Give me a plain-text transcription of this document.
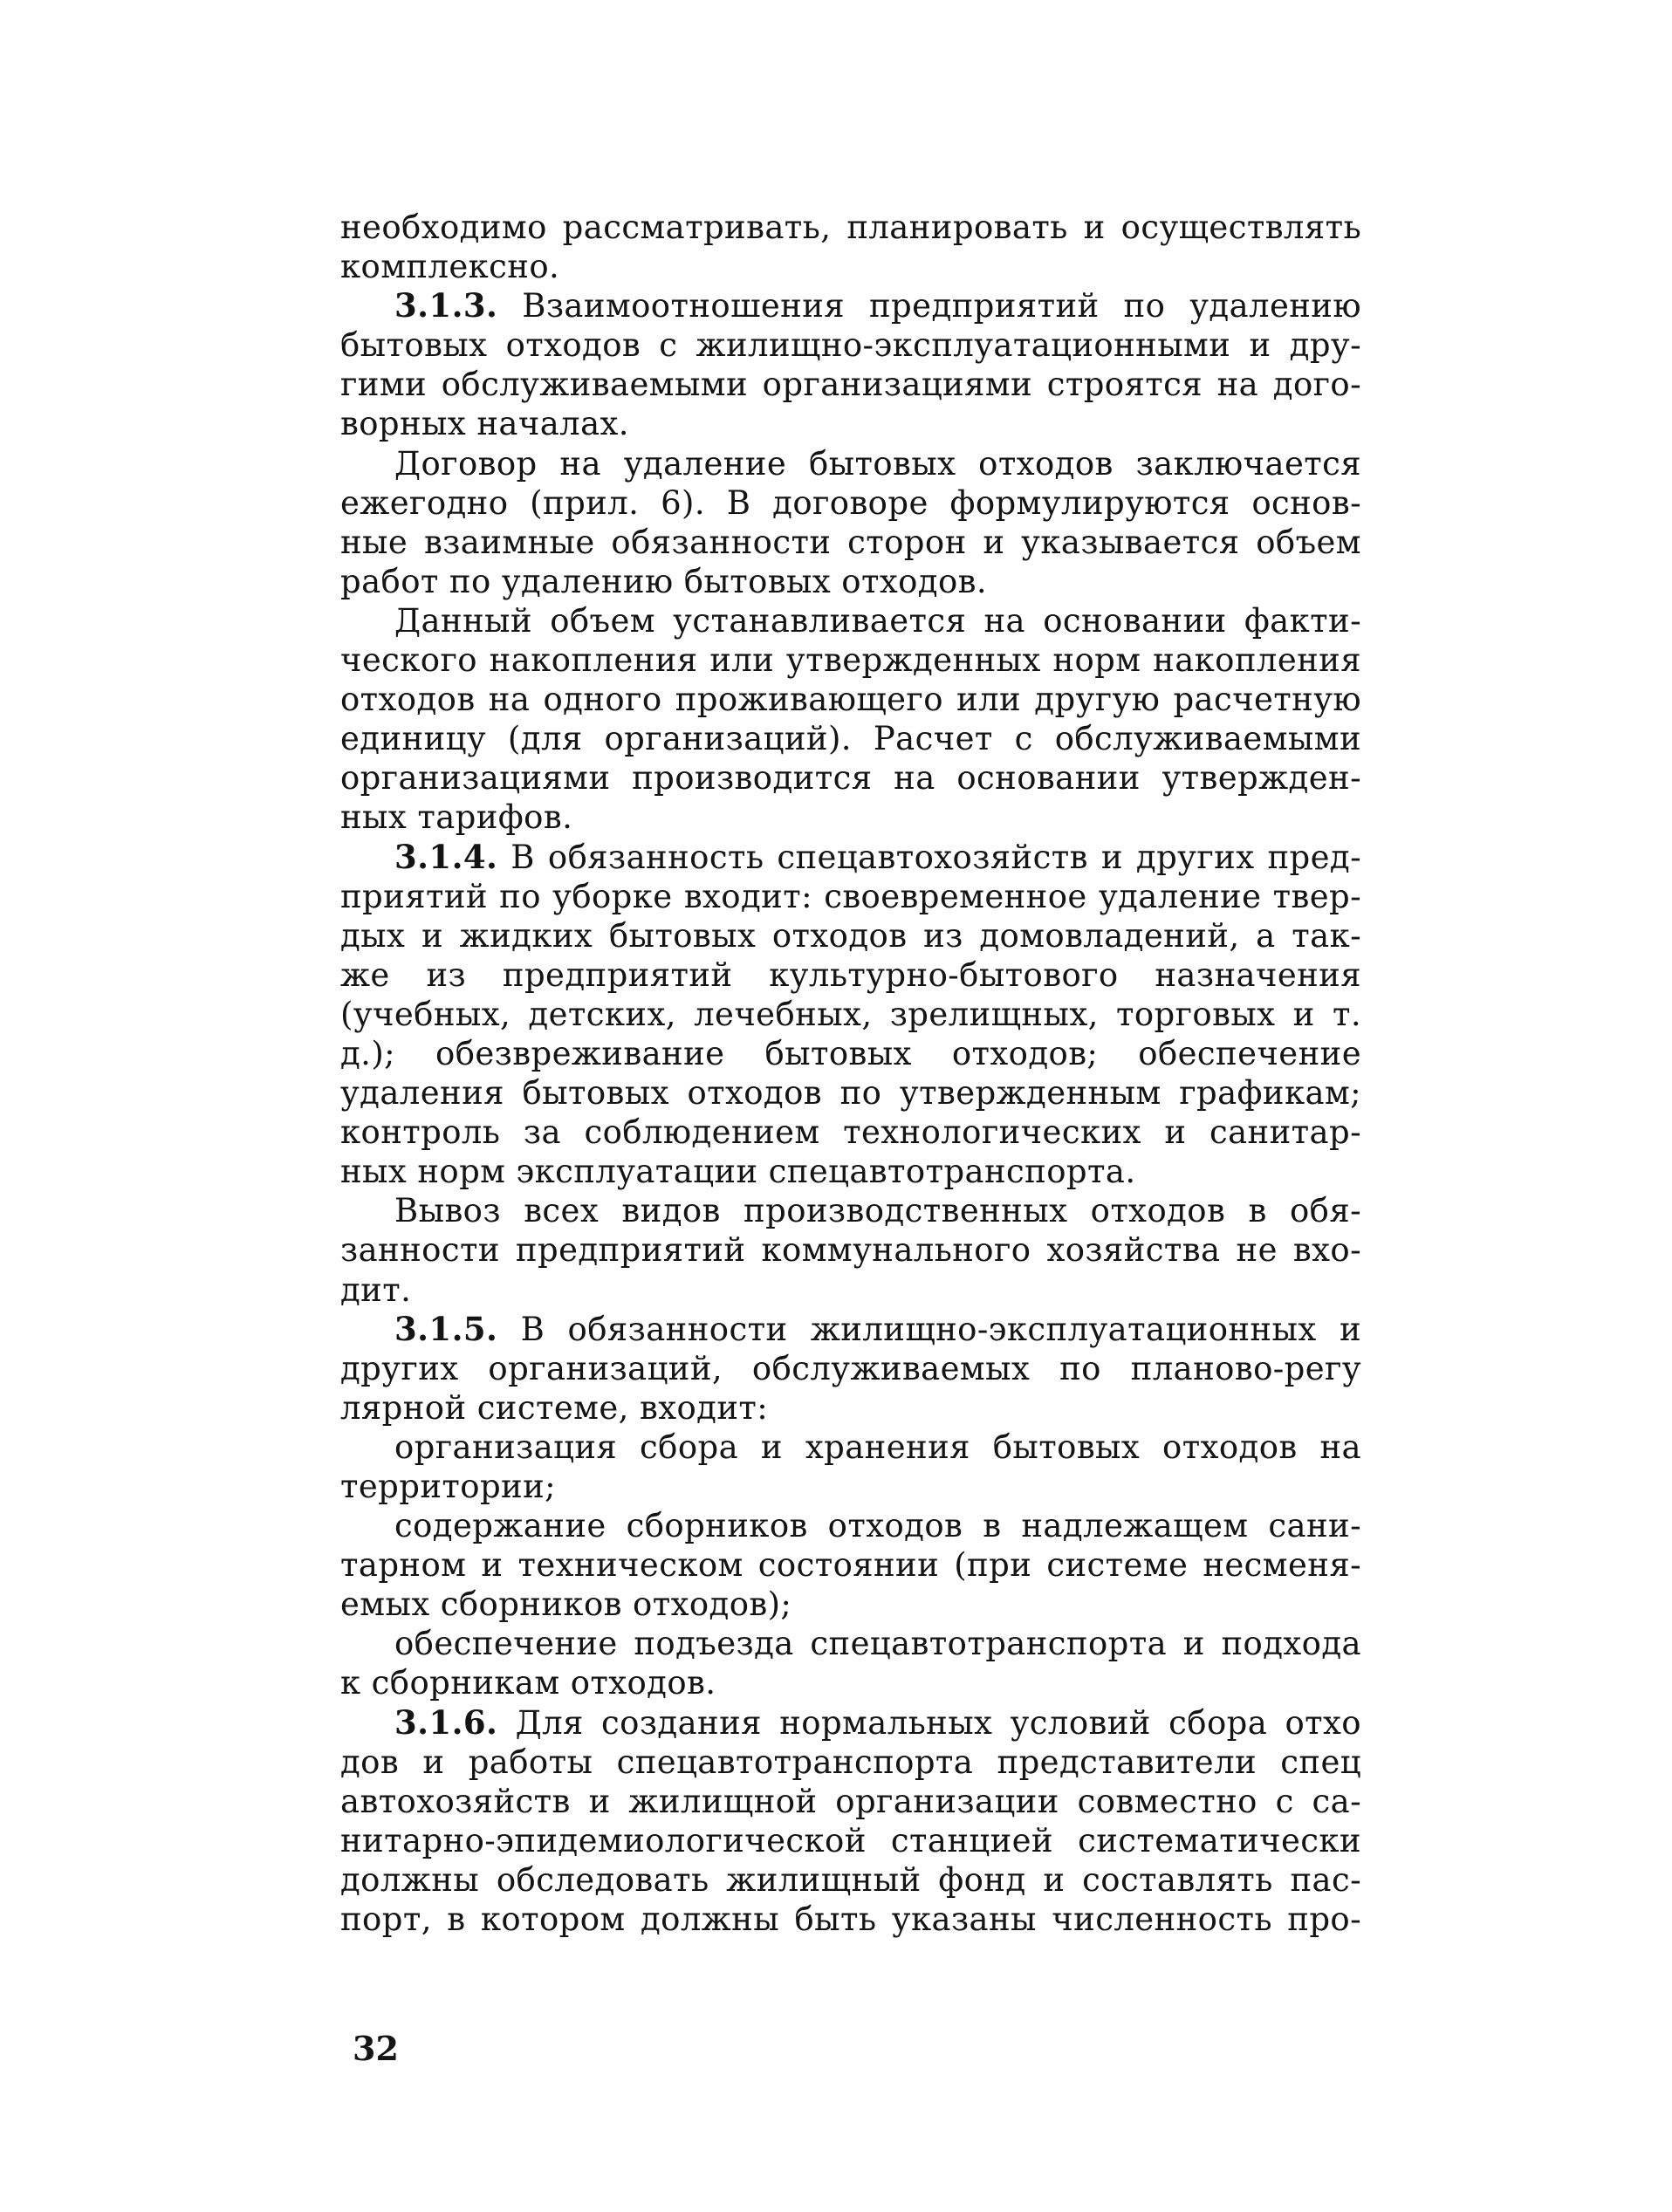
необходимо рассматривать, планировать и осуществлять комплексно.

3.1.3. Взаимоотношения предприятий по удалению бытовых отходов с жилищно-эксплуатационными и дру- гими обслуживаемыми организациями строятся на дого- ворных началах.

Договор на удаление бытовых отходов заключается ежегодно (прил. 6). В договоре формулируются основ- ные взаимные обязанности сторон и указывается объем работ по удалению бытовых отходов.

Данный объем устанавливается на основании факти- ческого накопления или утвержденных норм накопления отходов на одного проживающего или другую расчетную единицу (для организаций). Расчет с обслуживаемыми организациями производится на основании утвержден- ных тарифов.

3.1.4. В обязанность спецавтохозяйств и других пред- приятий по уборке входит: своевременное удаление твер- дых и жидких бытовых отходов из домовладений, а так- же из предприятий культурно-бытового назначения (учебных, детских, лечебных, зрелищных, торговых и т. д.); обезвреживание бытовых отходов; обеспечение удаления бытовых отходов по утвержденным графикам; контроль за соблюдением технологических и санитар- ных норм эксплуатации спецавтотранспорта.

Вывоз всех видов производственных отходов в обя- занности предприятий коммунального хозяйства не вхо- дит.

3.1.5. В обязанности жилищно-эксплуатационных и других организаций, обслуживаемых по планово-регу лярной системе, входит:

организация сбора и хранения бытовых отходов на территории;

содержание сборников отходов в надлежащем сани- тарном и техническом состоянии (при системе несменя- емых сборников отходов);

обеспечение подъезда спецавтотранспорта и подхода к сборникам отходов.

3.1.6. Для создания нормальных условий сбора отхо дов и работы спецавтотранспорта представители спец автохозяйств и жилищной организации совместно с са- нитарно-эпидемиологической станцией систематически должны обследовать жилищный фонд и составлять пас- порт, в котором должны быть указаны численность про-

32
